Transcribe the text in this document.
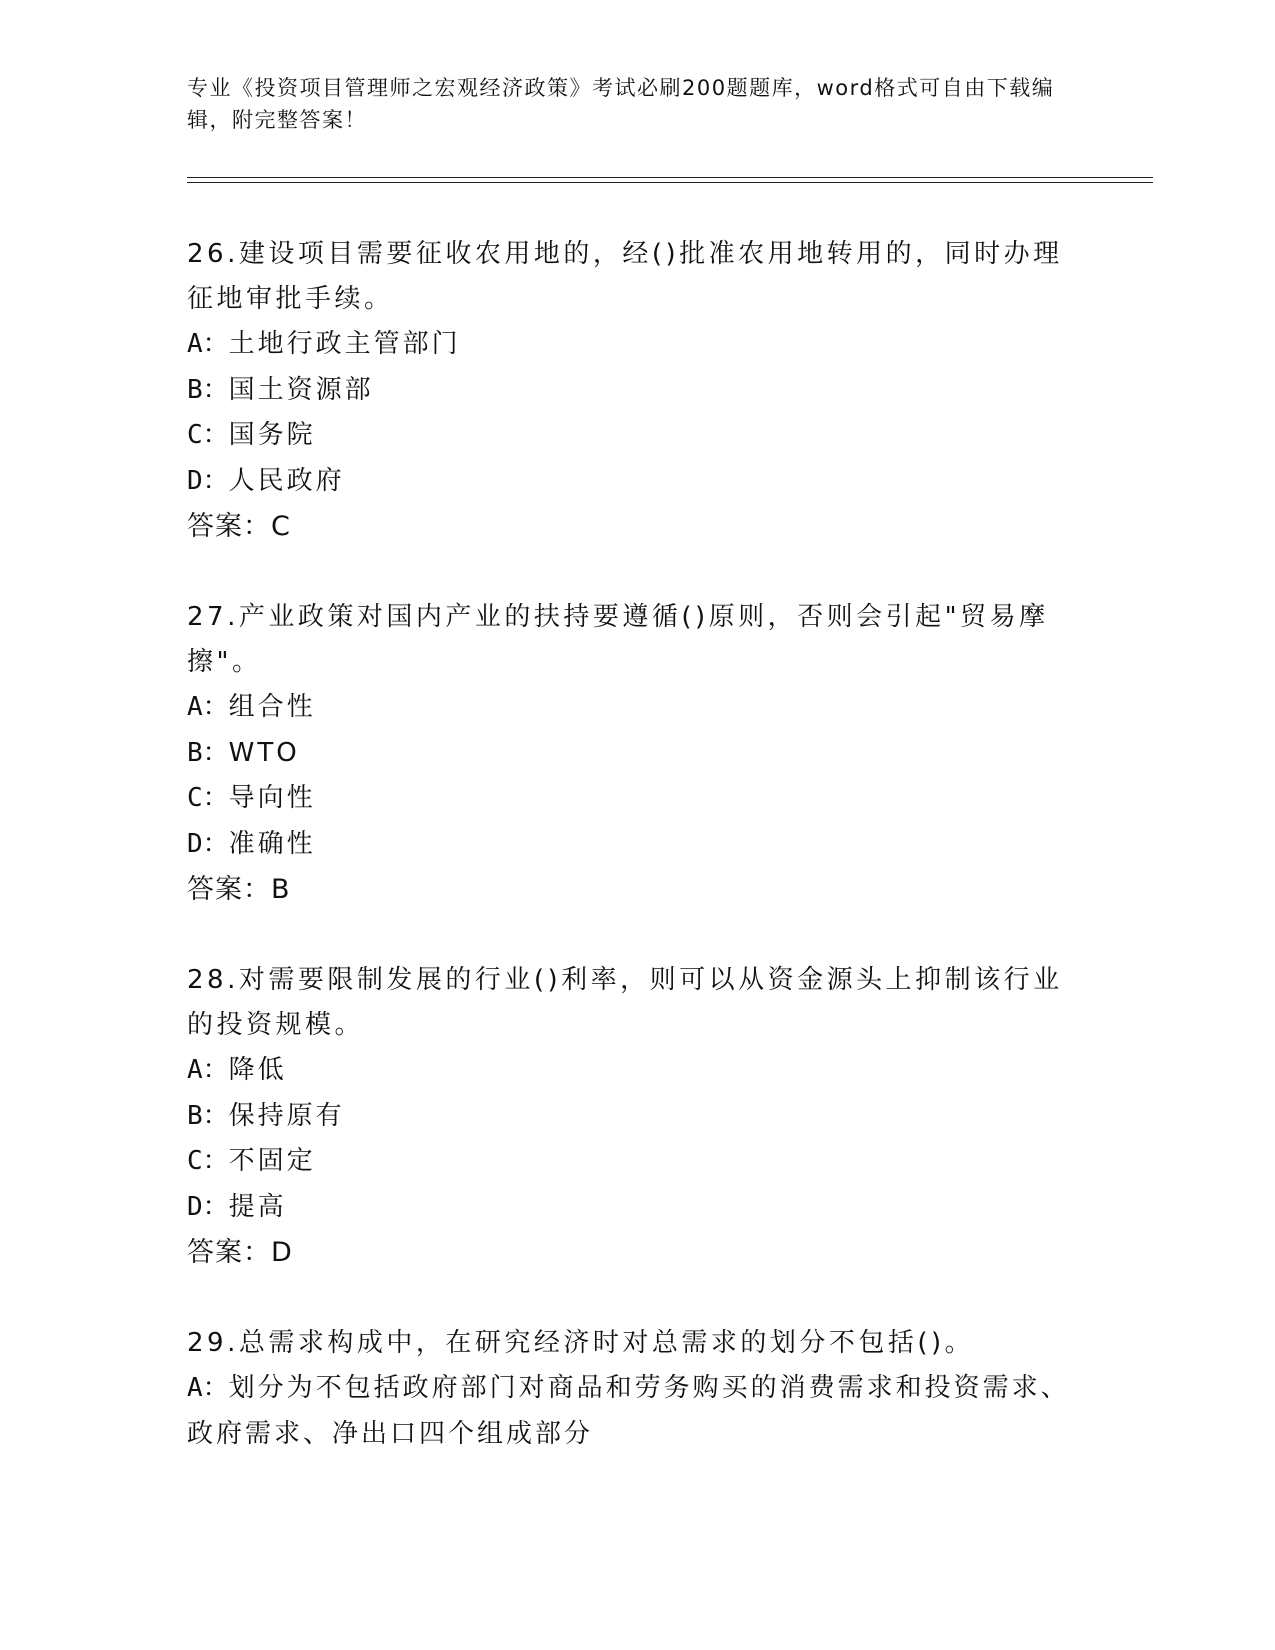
专业《投资项目管理师之宏观经济政策》考试必刷200题题库，word格式可自由下载编辑，附完整答案！
26.建设项目需要征收农用地的，经()批准农用地转用的，同时办理征地审批手续。
A：土地行政主管部门
B：国土资源部
C：国务院
D：人民政府
答案：C
27.产业政策对国内产业的扶持要遵循()原则，否则会引起"贸易摩擦"。
A：组合性
B：WTO
C：导向性
D：准确性
答案：B
28.对需要限制发展的行业()利率，则可以从资金源头上抑制该行业的投资规模。
A：降低
B：保持原有
C：不固定
D：提高
答案：D
29.总需求构成中，在研究经济时对总需求的划分不包括()。
A：划分为不包括政府部门对商品和劳务购买的消费需求和投资需求、政府需求、净出口四个组成部分
